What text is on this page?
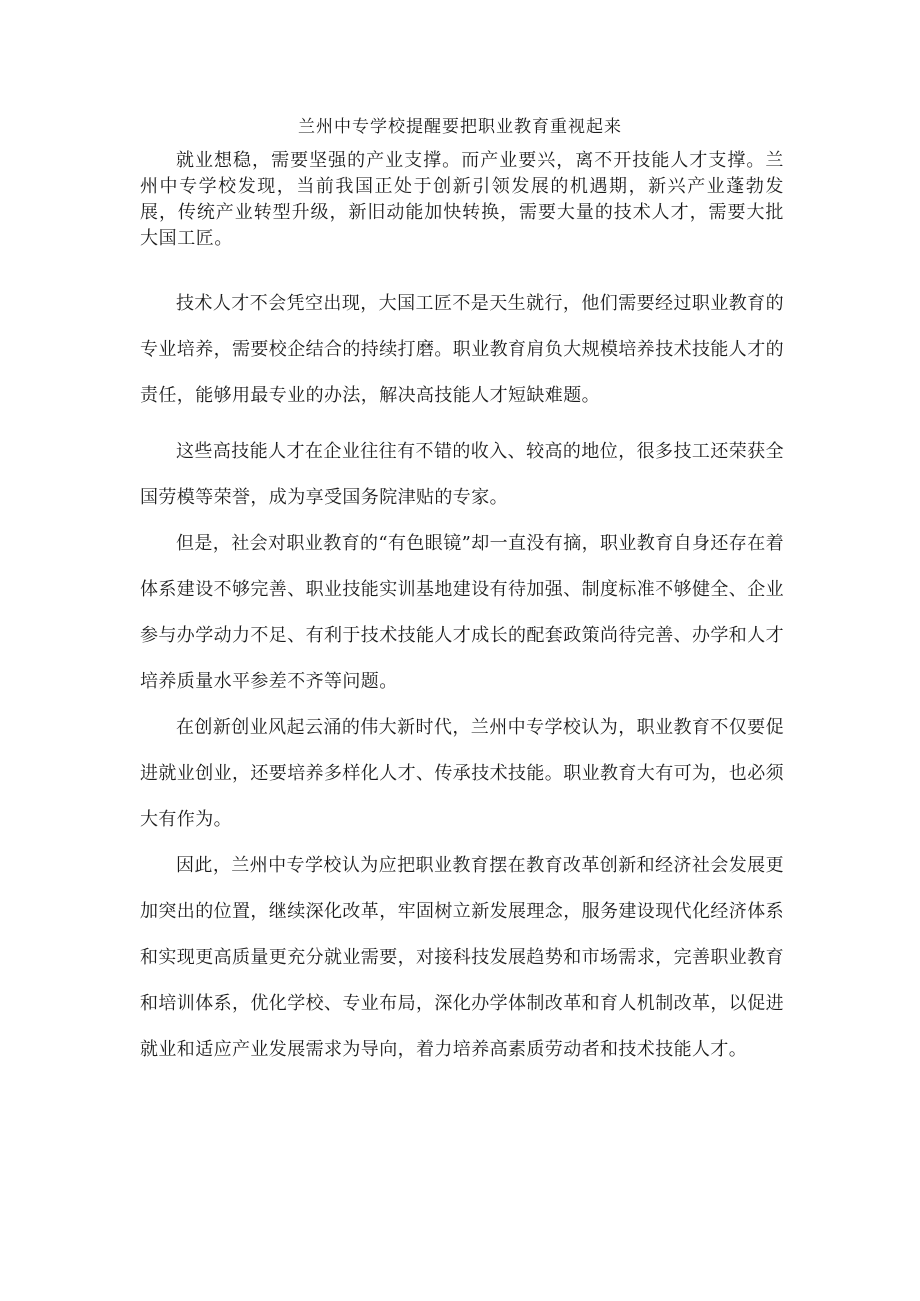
兰州中专学校提醒要把职业教育重视起来

就业想稳，需要坚强的产业支撑。而产业要兴，离不开技能人才支撑。兰州中专学校发现，当前我国正处于创新引领发展的机遇期，新兴产业蓬勃发展，传统产业转型升级，新旧动能加快转换，需要大量的技术人才，需要大批大国工匠。

技术人才不会凭空出现，大国工匠不是天生就行，他们需要经过职业教育的专业培养，需要校企结合的持续打磨。职业教育肩负大规模培养技术技能人才的责任，能够用最专业的办法，解决高技能人才短缺难题。

这些高技能人才在企业往往有不错的收入、较高的地位，很多技工还荣获全国劳模等荣誉，成为享受国务院津贴的专家。

但是，社会对职业教育的“有色眼镜”却一直没有摘，职业教育自身还存在着体系建设不够完善、职业技能实训基地建设有待加强、制度标准不够健全、企业参与办学动力不足、有利于技术技能人才成长的配套政策尚待完善、办学和人才培养质量水平参差不齐等问题。

在创新创业风起云涌的伟大新时代，兰州中专学校认为，职业教育不仅要促进就业创业，还要培养多样化人才、传承技术技能。职业教育大有可为，也必须大有作为。

因此，兰州中专学校认为应把职业教育摆在教育改革创新和经济社会发展更加突出的位置，继续深化改革，牢固树立新发展理念，服务建设现代化经济体系和实现更高质量更充分就业需要，对接科技发展趋势和市场需求，完善职业教育和培训体系，优化学校、专业布局，深化办学体制改革和育人机制改革，以促进就业和适应产业发展需求为导向，着力培养高素质劳动者和技术技能人才。
